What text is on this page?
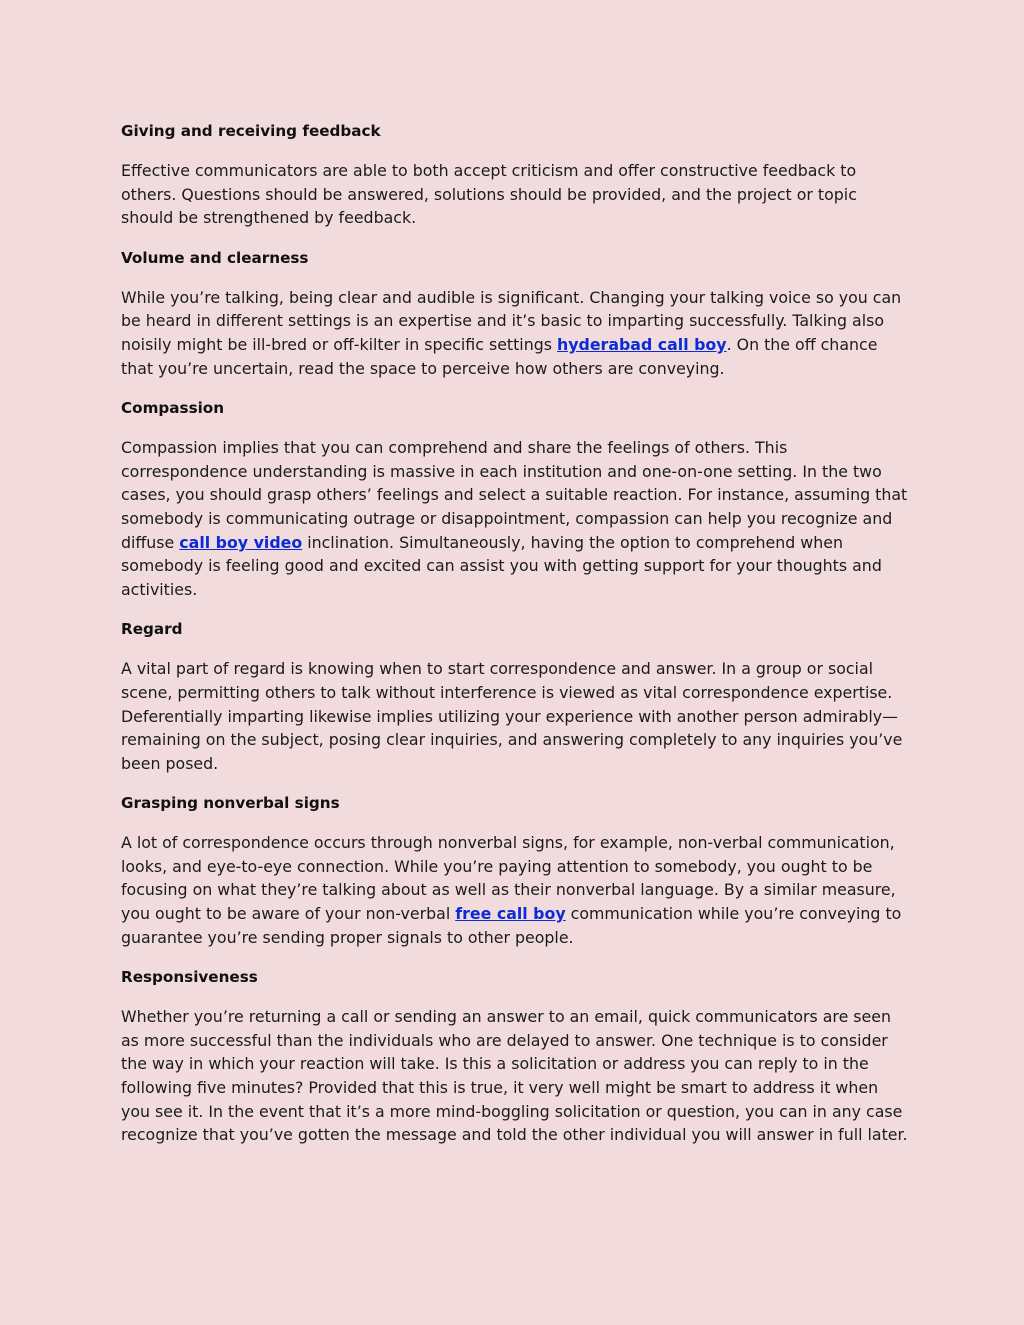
Giving and receiving feedback

Effective communicators are able to both accept criticism and offer constructive feedback to others. Questions should be answered, solutions should be provided, and the project or topic should be strengthened by feedback.

Volume and clearness

While you’re talking, being clear and audible is significant. Changing your talking voice so you can be heard in different settings is an expertise and it’s basic to imparting successfully. Talking also noisily might be ill-bred or off-kilter in specific settings hyderabad call boy. On the off chance that you’re uncertain, read the space to perceive how others are conveying.

Compassion

Compassion implies that you can comprehend and share the feelings of others. This correspondence understanding is massive in each institution and one-on-one setting. In the two cases, you should grasp others’ feelings and select a suitable reaction. For instance, assuming that somebody is communicating outrage or disappointment, compassion can help you recognize and diffuse call boy video inclination. Simultaneously, having the option to comprehend when somebody is feeling good and excited can assist you with getting support for your thoughts and activities.

Regard

A vital part of regard is knowing when to start correspondence and answer. In a group or social scene, permitting others to talk without interference is viewed as vital correspondence expertise. Deferentially imparting likewise implies utilizing your experience with another person admirably—remaining on the subject, posing clear inquiries, and answering completely to any inquiries you’ve been posed.

Grasping nonverbal signs

A lot of correspondence occurs through nonverbal signs, for example, non-verbal communication, looks, and eye-to-eye connection. While you’re paying attention to somebody, you ought to be focusing on what they’re talking about as well as their nonverbal language. By a similar measure, you ought to be aware of your non-verbal free call boy communication while you’re conveying to guarantee you’re sending proper signals to other people.

Responsiveness

Whether you’re returning a call or sending an answer to an email, quick communicators are seen as more successful than the individuals who are delayed to answer. One technique is to consider the way in which your reaction will take. Is this a solicitation or address you can reply to in the following five minutes? Provided that this is true, it very well might be smart to address it when you see it. In the event that it’s a more mind-boggling solicitation or question, you can in any case recognize that you’ve gotten the message and told the other individual you will answer in full later.
